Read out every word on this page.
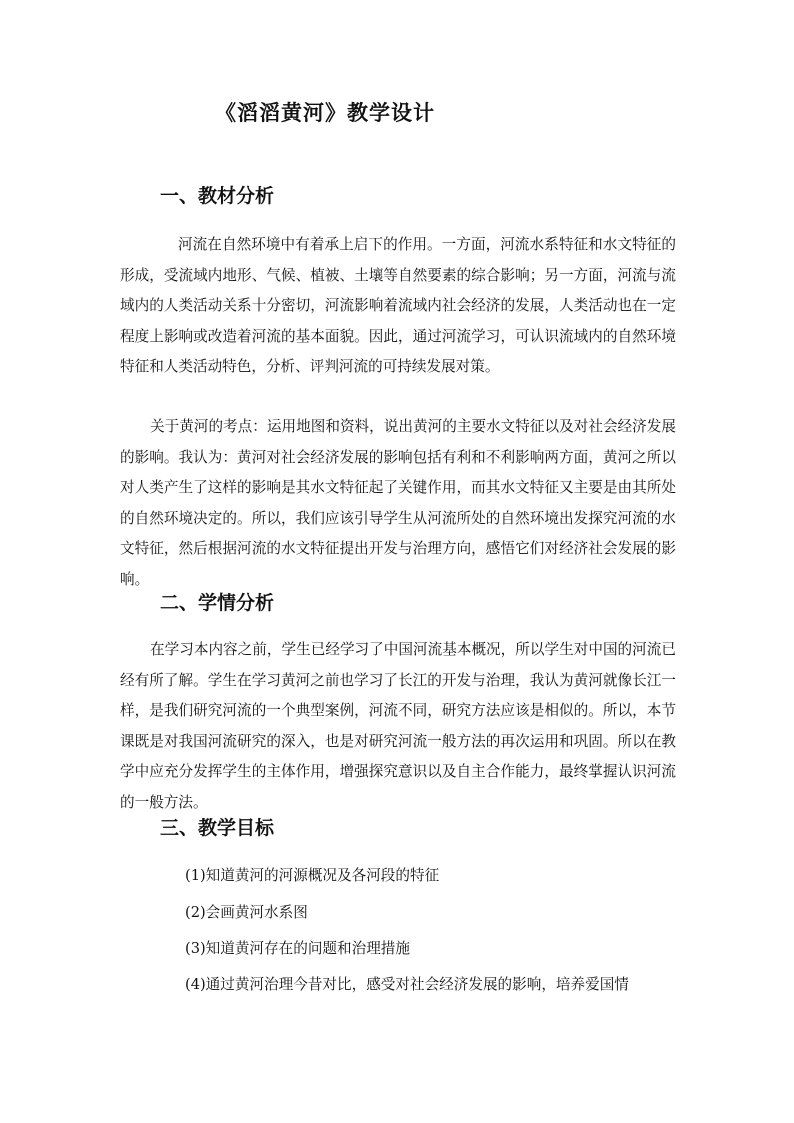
《滔滔黄河》教学设计
一、教材分析

河流在自然环境中有着承上启下的作用。一方面，河流水系特征和水文特征的形成，受流域内地形、气候、植被、土壤等自然要素的综合影响；另一方面，河流与流域内的人类活动关系十分密切，河流影响着流域内社会经济的发展，人类活动也在一定程度上影响或改造着河流的基本面貌。因此，通过河流学习，可认识流域内的自然环境特征和人类活动特色，分析、评判河流的可持续发展对策。

关于黄河的考点：运用地图和资料，说出黄河的主要水文特征以及对社会经济发展的影响。我认为：黄河对社会经济发展的影响包括有利和不利影响两方面，黄河之所以对人类产生了这样的影响是其水文特征起了关键作用，而其水文特征又主要是由其所处的自然环境决定的。所以，我们应该引导学生从河流所处的自然环境出发探究河流的水文特征，然后根据河流的水文特征提出开发与治理方向，感悟它们对经济社会发展的影响。

二、学情分析

在学习本内容之前，学生已经学习了中国河流基本概况，所以学生对中国的河流已经有所了解。学生在学习黄河之前也学习了长江的开发与治理，我认为黄河就像长江一样，是我们研究河流的一个典型案例，河流不同，研究方法应该是相似的。所以，本节课既是对我国河流研究的深入，也是对研究河流一般方法的再次运用和巩固。所以在教学中应充分发挥学生的主体作用，增强探究意识以及自主合作能力，最终掌握认识河流的一般方法。

三、教学目标
(1)知道黄河的河源概况及各河段的特征
(2)会画黄河水系图
(3)知道黄河存在的问题和治理措施
(4)通过黄河治理今昔对比，感受对社会经济发展的影响，培养爱国情
